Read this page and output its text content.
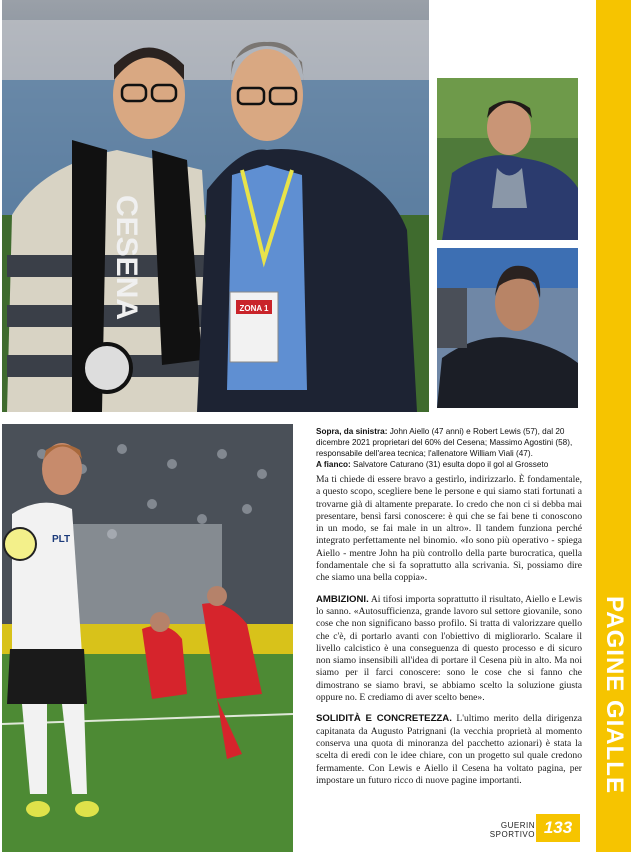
PAGINE GIALLE
ZONA 1
CESENA
PLT
Sopra, da sinistra: John Aiello (47 anni) e Robert Lewis (57), dal 20 dicembre 2021 proprietari del 60% del Cesena; Massimo Agostini (58), responsabile dell'area tecnica; l'allenatore William Viali (47).
A fianco: Salvatore Caturano (31) esulta dopo il gol al Grosseto

Ma ti chiede di essere bravo a gestirlo, indirizzarlo. È fondamentale, a questo scopo, scegliere bene le persone e qui siamo stati fortunati a trovarne già di altamente preparate. Io credo che non ci si debba mai presentare, bensì farsi conoscere: è qui che se fai bene ti conoscono in un modo, se fai male in un altro». Il tandem funziona perché integrato perfettamente nel binomio. «Io sono più operativo - spiega Aiello - mentre John ha più controllo della parte burocratica, quella fondamentale che si fa soprattutto alla scrivania. Sì, possiamo dire che siamo una bella coppia».

AMBIZIONI. Ai tifosi importa soprattutto il risultato, Aiello e Lewis lo sanno. «Autosufficienza, grande lavoro sul settore giovanile, sono cose che non significano basso profilo. Si tratta di valorizzare quello che c'è, di portarlo avanti con l'obiettivo di migliorarlo. Scalare il livello calcistico è una conseguenza di questo processo e di sicuro non siamo insensibili all'idea di portare il Cesena più in alto. Ma noi siamo per il farci conoscere: sono le cose che si fanno che dimostrano se siamo bravi, se abbiamo scelto la soluzione giusta oppure no. E crediamo di aver scelto bene».

SOLIDITÀ E CONCRETEZZA. L'ultimo merito della dirigenza capitanata da Augusto Patrignani (la vecchia proprietà al momento conserva una quota di minoranza del pacchetto azionari) è stata la scelta di eredi con le idee chiare, con un progetto sul quale credono fermamente. Con Lewis e Aiello il Cesena ha voltato pagina, per impostare un futuro ricco di nuove pagine importanti.

GUERIN
SPORTIVO 133
